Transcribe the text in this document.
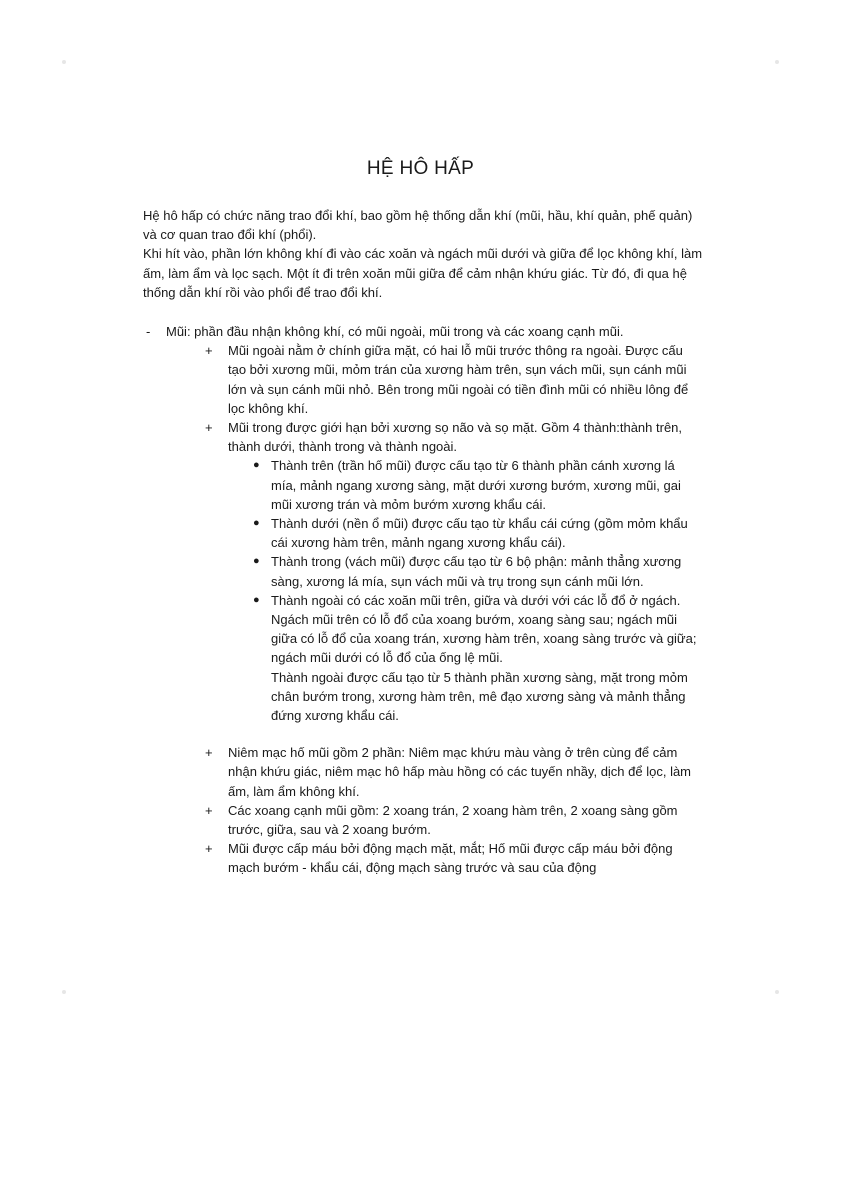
HỆ HÔ HẤP

Hệ hô hấp có chức năng trao đổi khí, bao gồm hệ thống dẫn khí (mũi, hầu, khí quản, phế quản) và cơ quan trao đổi khí (phổi).

Khi hít vào, phần lớn không khí đi vào các xoăn và ngách mũi dưới và giữa để lọc không khí, làm ấm, làm ẩm và lọc sạch. Một ít đi trên xoăn mũi giữa để cảm nhận khứu giác. Từ đó, đi qua hệ thống dẫn khí rồi vào phổi để trao đổi khí.

- Mũi: phần đầu nhận không khí, có mũi ngoài, mũi trong và các xoang cạnh mũi.
+ Mũi ngoài nằm ở chính giữa mặt, có hai lỗ mũi trước thông ra ngoài. Được cấu tạo bởi xương mũi, mỏm trán của xương hàm trên, sụn vách mũi, sụn cánh mũi lớn và sụn cánh mũi nhỏ. Bên trong mũi ngoài có tiền đình mũi có nhiều lông để lọc không khí.
+ Mũi trong được giới hạn bởi xương sọ não và sọ mặt. Gồm 4 thành:thành trên, thành dưới, thành trong và thành ngoài.
● Thành trên (trần hố mũi) được cấu tạo từ 6 thành phần cánh xương lá mía, mảnh ngang xương sàng, mặt dưới xương bướm, xương mũi, gai mũi xương trán và mỏm bướm xương khẩu cái.
● Thành dưới (nền ổ mũi) được cấu tạo từ khẩu cái cứng (gồm mỏm khẩu cái xương hàm trên, mảnh ngang xương khẩu cái).
● Thành trong (vách mũi) được cấu tạo từ 6 bộ phận: mảnh thẳng xương sàng, xương lá mía, sụn vách mũi và trụ trong sụn cánh mũi lớn.
● Thành ngoài có các xoăn mũi trên, giữa và dưới với các lỗ đổ ở ngách. Ngách mũi trên có lỗ đổ của xoang bướm, xoang sàng sau; ngách mũi giữa có lỗ đổ của xoang trán, xương hàm trên, xoang sàng trước và giữa; ngách mũi dưới có lỗ đổ của ống lệ mũi.
Thành ngoài được cấu tạo từ 5 thành phần xương sàng, mặt trong mỏm chân bướm trong, xương hàm trên, mê đạo xương sàng và mảnh thẳng đứng xương khẩu cái.
+ Niêm mạc hố mũi gồm 2 phần: Niêm mạc khứu màu vàng ở trên cùng để cảm nhận khứu giác, niêm mạc hô hấp màu hồng có các tuyến nhầy, dịch để lọc, làm ấm, làm ẩm không khí.
+ Các xoang cạnh mũi gồm: 2 xoang trán, 2 xoang hàm trên, 2 xoang sàng gồm trước, giữa, sau và 2 xoang bướm.
+ Mũi được cấp máu bởi động mạch mặt, mắt; Hố mũi được cấp máu bởi động mạch bướm - khẩu cái, động mạch sàng trước và sau của động
